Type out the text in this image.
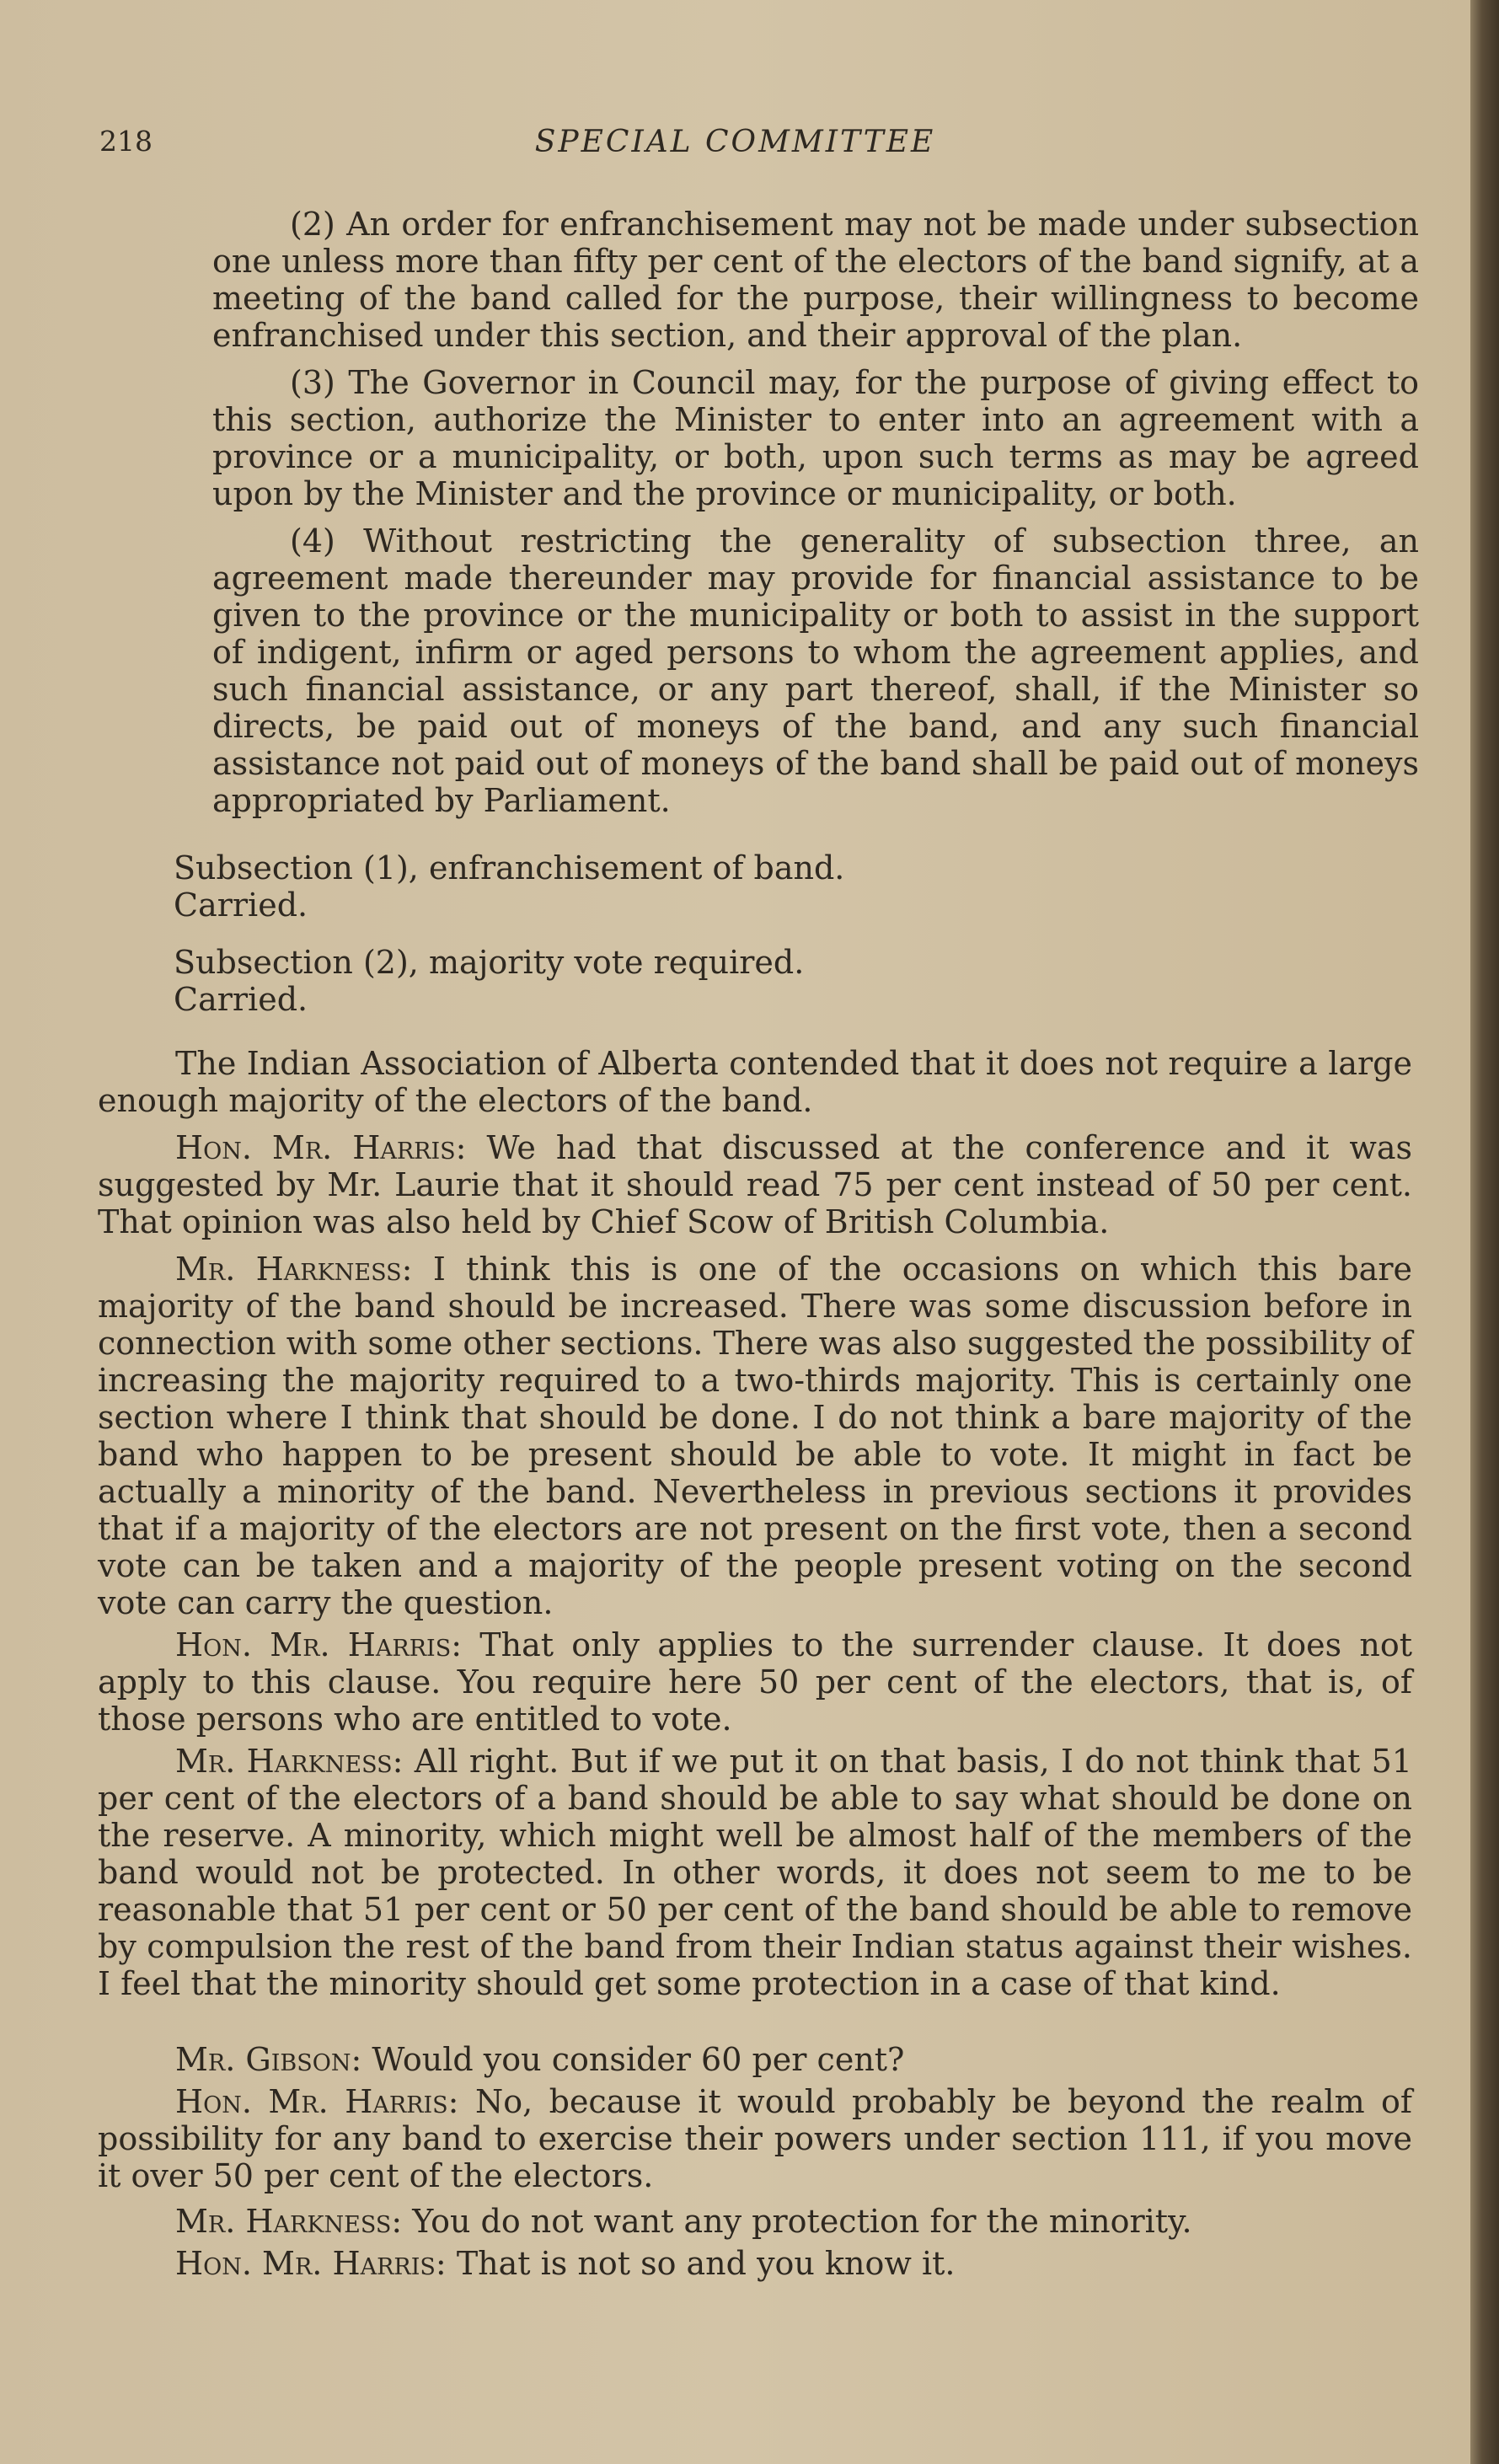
218	SPECIAL COMMITTEE

(2) An order for enfranchisement may not be made under subsection one unless more than fifty per cent of the electors of the band signify, at a meeting of the band called for the purpose, their willingness to become enfranchised under this section, and their approval of the plan.

(3) The Governor in Council may, for the purpose of giving effect to this section, authorize the Minister to enter into an agreement with a province or a municipality, or both, upon such terms as may be agreed upon by the Minister and the province or municipality, or both.

(4) Without restricting the generality of subsection three, an agreement made thereunder may provide for financial assistance to be given to the province or the municipality or both to assist in the support of indigent, infirm or aged persons to whom the agreement applies, and such financial assistance, or any part thereof, shall, if the Minister so directs, be paid out of moneys of the band, and any such financial assistance not paid out of moneys of the band shall be paid out of moneys appropriated by Parliament.

Subsection (1), enfranchisement of band.

Carried.

Subsection (2), majority vote required.

Carried.

The Indian Association of Alberta contended that it does not require a large enough majority of the electors of the band.

Hon. Mr. Harris: We had that discussed at the conference and it was suggested by Mr. Laurie that it should read 75 per cent instead of 50 per cent. That opinion was also held by Chief Scow of British Columbia.

Mr. Harkness: I think this is one of the occasions on which this bare majority of the band should be increased. There was some discussion before in connection with some other sections. There was also suggested the possibility of increasing the majority required to a two-thirds majority. This is certainly one section where I think that should be done. I do not think a bare majority of the band who happen to be present should be able to vote. It might in fact be actually a minority of the band. Nevertheless in previous sections it provides that if a majority of the electors are not present on the first vote, then a second vote can be taken and a majority of the people present voting on the second vote can carry the question.

Hon. Mr. Harris: That only applies to the surrender clause. It does not apply to this clause. You require here 50 per cent of the electors, that is, of those persons who are entitled to vote.

Mr. Harkness: All right. But if we put it on that basis, I do not think that 51 per cent of the electors of a band should be able to say what should be done on the reserve. A minority, which might well be almost half of the members of the band would not be protected. In other words, it does not seem to me to be reasonable that 51 per cent or 50 per cent of the band should be able to remove by compulsion the rest of the band from their Indian status against their wishes. I feel that the minority should get some protection in a case of that kind.

Mr. Gibson: Would you consider 60 per cent?

Hon. Mr. Harris: No, because it would probably be beyond the realm of possibility for any band to exercise their powers under section 111, if you move it over 50 per cent of the electors.

Mr. Harkness: You do not want any protection for the minority.

Hon. Mr. Harris: That is not so and you know it.
